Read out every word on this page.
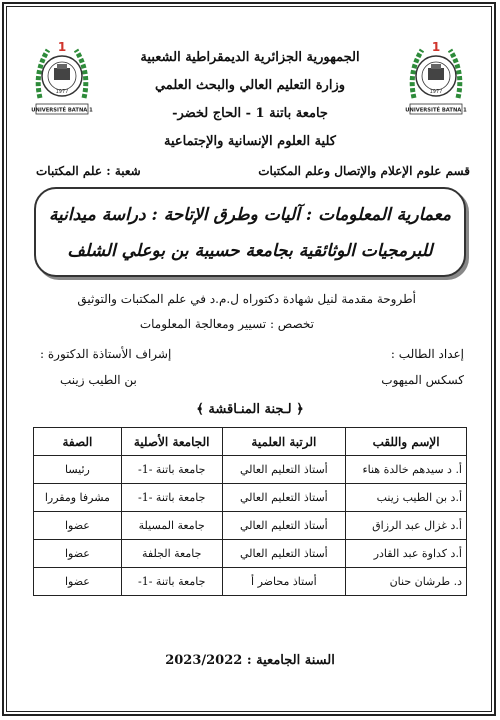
1
1977
UNIVERSITÉ BATNA 1
1
1977
UNIVERSITÉ BATNA 1
الجمهورية الجزائرية الديمقراطية الشعبية
وزارة التعليم العالي والبحث العلمي
جامعة باتنة 1 - الحاج لخضر-
كلية العلوم الإنسانية والإجتماعية
قسم علوم الإعلام والإتصال وعلم المكتبات
شعبة : علم المكتبات
معمارية المعلومات : آليات وطرق الإتاحة : دراسة ميدانية
للبرمجيات الوثائقية بجامعة حسيبة بن بوعلي الشلف
أطروحة مقدمة لنيل شهادة دكتوراه ل.م.د في علم المكتبات والتوثيق
تخصص : تسيير ومعالجة المعلومات
إعداد الطالب :
إشراف الأستاذة الدكتورة :
كسكس الميهوب
بن الطيب زينب
﴿ لـجنة المنـاقشة ﴾
الإسم واللقب	الرتبة العلمية	الجامعة الأصلية	الصفة
أ. د سيدهم خالدة هناء	أستاذ التعليم العالي	جامعة باتنة -1-	رئيسا
أ.د بن الطيب زينب	أستاذ التعليم العالي	جامعة باتنة -1-	مشرفا ومقررا
أ.د غزال عبد الرزاق	أستاذ التعليم العالي	جامعة المسيلة	عضوا
أ.د كداوة عبد القادر	أستاذ التعليم العالي	جامعة الجلفة	عضوا
د. طرشان حنان	أستاذ محاضر أ	جامعة باتنة -1-	عضوا
السنة الجامعية : 2023/2022
